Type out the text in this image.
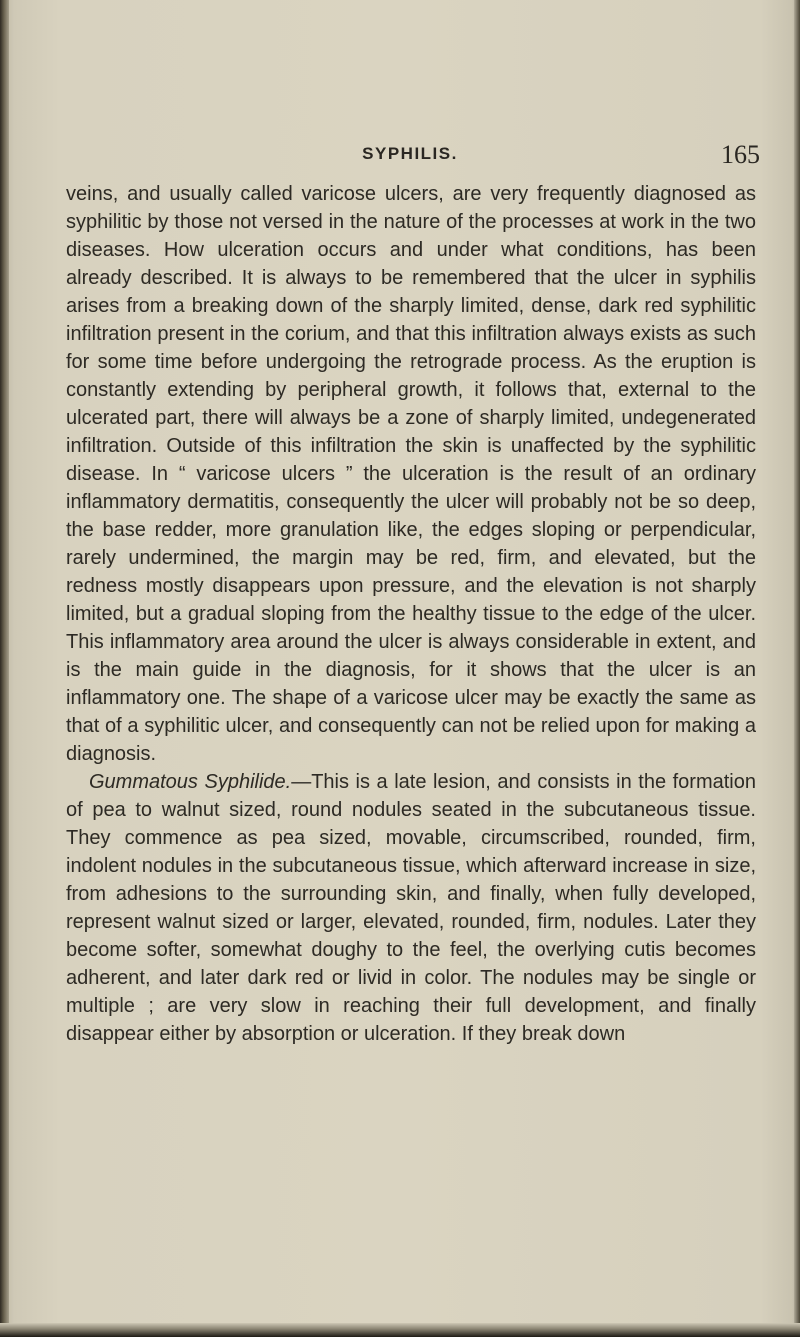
SYPHILIS.	165

veins, and usually called varicose ulcers, are very frequently diagnosed as syphilitic by those not versed in the nature of the processes at work in the two diseases. How ulceration occurs and under what conditions, has been already described. It is always to be remembered that the ulcer in syphilis arises from a breaking down of the sharply limited, dense, dark red syphilitic infiltration present in the corium, and that this infiltration always exists as such for some time before undergoing the retrograde process. As the eruption is constantly extending by peripheral growth, it follows that, external to the ulcerated part, there will always be a zone of sharply limited, undegenerated infiltration. Outside of this infiltration the skin is unaffected by the syphilitic disease. In “ varicose ulcers ” the ulceration is the result of an ordinary inflammatory dermatitis, consequently the ulcer will probably not be so deep, the base redder, more granulation like, the edges sloping or perpendicular, rarely undermined, the margin may be red, firm, and elevated, but the redness mostly disappears upon pressure, and the elevation is not sharply limited, but a gradual sloping from the healthy tissue to the edge of the ulcer. This inflammatory area around the ulcer is always considerable in extent, and is the main guide in the diagnosis, for it shows that the ulcer is an inflammatory one. The shape of a varicose ulcer may be exactly the same as that of a syphilitic ulcer, and consequently can not be relied upon for making a diagnosis.

Gummatous Syphilide.—This is a late lesion, and consists in the formation of pea to walnut sized, round nodules seated in the subcutaneous tissue. They commence as pea sized, movable, circumscribed, rounded, firm, indolent nodules in the subcutaneous tissue, which afterward increase in size, from adhesions to the surrounding skin, and finally, when fully developed, represent walnut sized or larger, elevated, rounded, firm, nodules. Later they become softer, somewhat doughy to the feel, the overlying cutis becomes adherent, and later dark red or livid in color. The nodules may be single or multiple ; are very slow in reaching their full development, and finally disappear either by absorption or ulceration. If they break down
